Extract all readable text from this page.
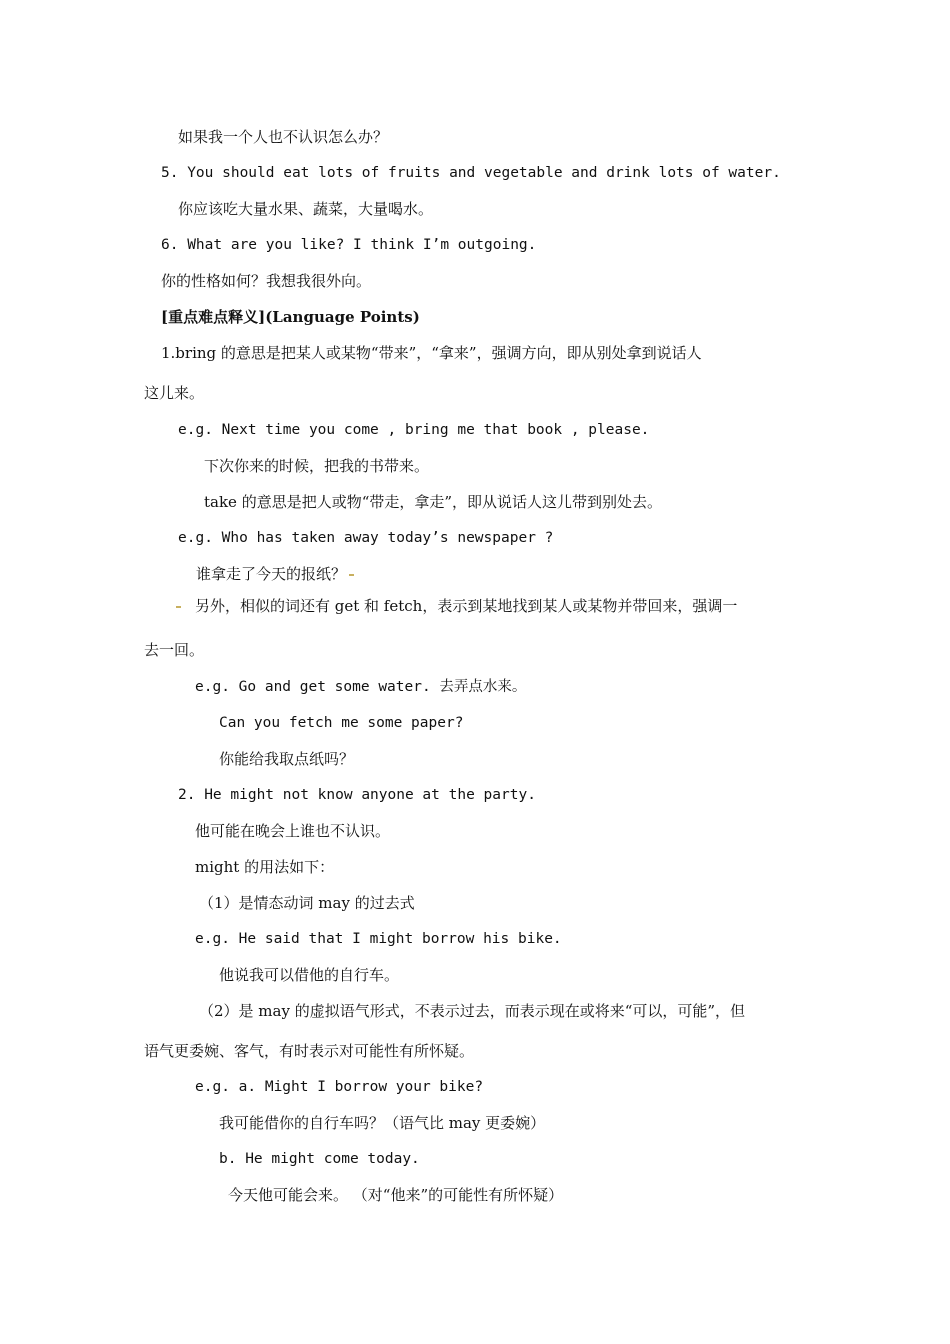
如果我一个人也不认识怎么办？
5. You should eat lots of fruits and vegetable and drink lots of water.
你应该吃大量水果、蔬菜，大量喝水。
6. What are you like? I think I’m outgoing.
你的性格如何？我想我很外向。
[重点难点释义](Language Points)
1.bring 的意思是把某人或某物“带来”，“拿来”，强调方向，即从别处拿到说话人
这儿来。
e.g. Next time you come , bring me that book , please.
下次你来的时候，把我的书带来。
take 的意思是把人或物“带走，拿走”，即从说话人这儿带到别处去。
e.g. Who has taken away today’s newspaper ?
谁拿走了今天的报纸？
另外，相似的词还有 get 和 fetch，表示到某地找到某人或某物并带回来，强调一
去一回。
e.g. Go and get some water. 去弄点水来。
Can you fetch me some paper?
你能给我取点纸吗？
2. He might not know anyone at the party.
他可能在晚会上谁也不认识。
might 的用法如下：
（1）是情态动词 may 的过去式
e.g. He said that I might borrow his bike.
他说我可以借他的自行车。
（2）是 may 的虚拟语气形式，不表示过去，而表示现在或将来“可以，可能”，但
语气更委婉、客气，有时表示对可能性有所怀疑。
e.g. a. Might I borrow your bike?
我可能借你的自行车吗？（语气比 may 更委婉）
b. He might come today.
今天他可能会来。 （对“他来”的可能性有所怀疑）
